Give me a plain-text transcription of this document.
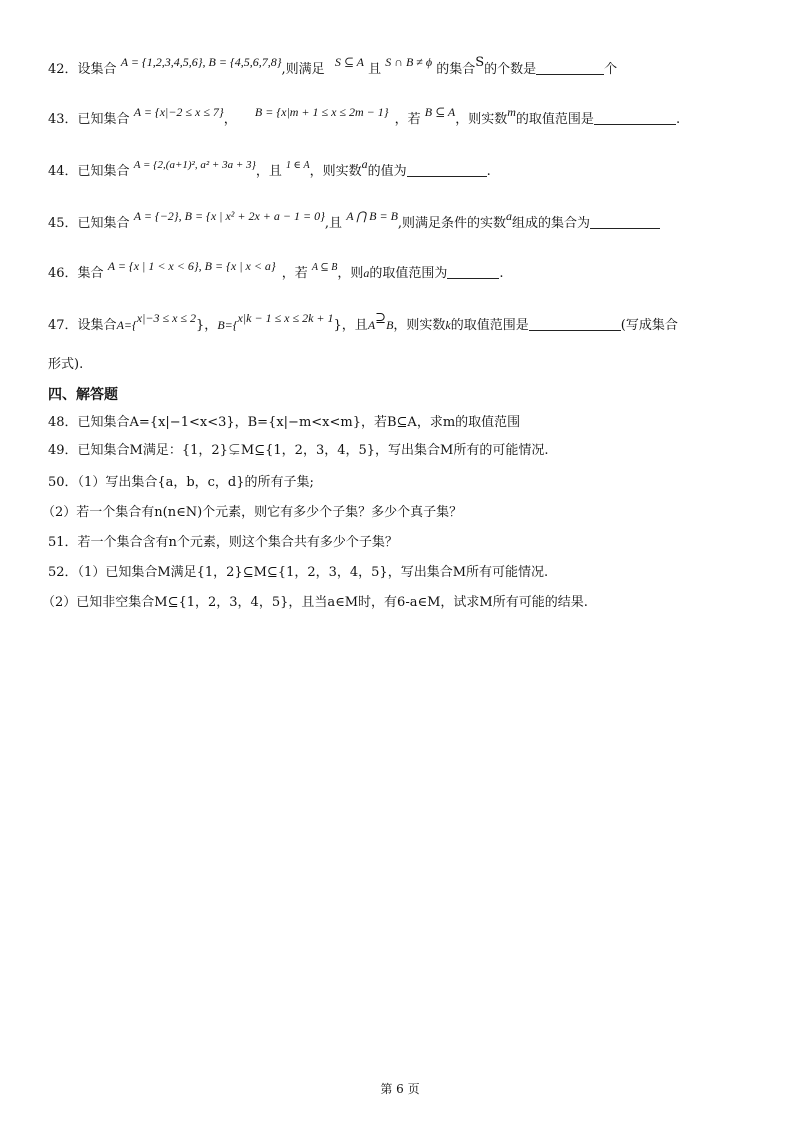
42．设集合 A = {1,2,3,4,5,6}, B = {4,5,6,7,8},则满足 S ⊆ A 且 S ∩ B ≠ ϕ 的集合S的个数是	个
43．已知集合 A = {x|−2 ≤ x ≤ 7}， B = {x|m + 1 ≤ x ≤ 2m − 1} ，若 B ⊆ A，则实数m的取值范围是	.
44．已知集合 $^{A = \{2,(a+1)^2, a^2 + 3a + 3\}}$，且 $^{1 \in A}$，则实数a的值为	.
45．已知集合 A = {−2}, B = {x | x² + 2x + a − 1 = 0},且 A ⋂ B = B,则满足条件的实数a组成的集合为
46．集合 A = {x | 1 < x < 6}, B = {x | x < a} ，若 $^{A ⊆ B}$，则a的取值范围为	.
47．设集合A={x|−3 ≤ x ≤ 2}，B={x|k − 1 ≤ x ≤ 2k + 1}，且A⊇B，则实数k的取值范围是	(写成集合
形式).
四、解答题
48．已知集合A={x|−1<x<3}，B={x|−m<x<m}，若B⊆A，求m的取值范围
49．已知集合M满足：{1，2}⊊M⊆{1，2，3，4，5}，写出集合M所有的可能情况.
50．（1）写出集合{a，b，c，d}的所有子集;
（2）若一个集合有n(n∈N)个元素，则它有多少个子集？多少个真子集？
51．若一个集合含有n个元素，则这个集合共有多少个子集？
52．（1）已知集合M满足{1，2}⊆M⊆{1，2，3，4，5}，写出集合M所有可能情况.
（2）已知非空集合M⊆{1，2，3，4，5}，且当a∈M时，有6-a∈M，试求M所有可能的结果.
第 6 页
